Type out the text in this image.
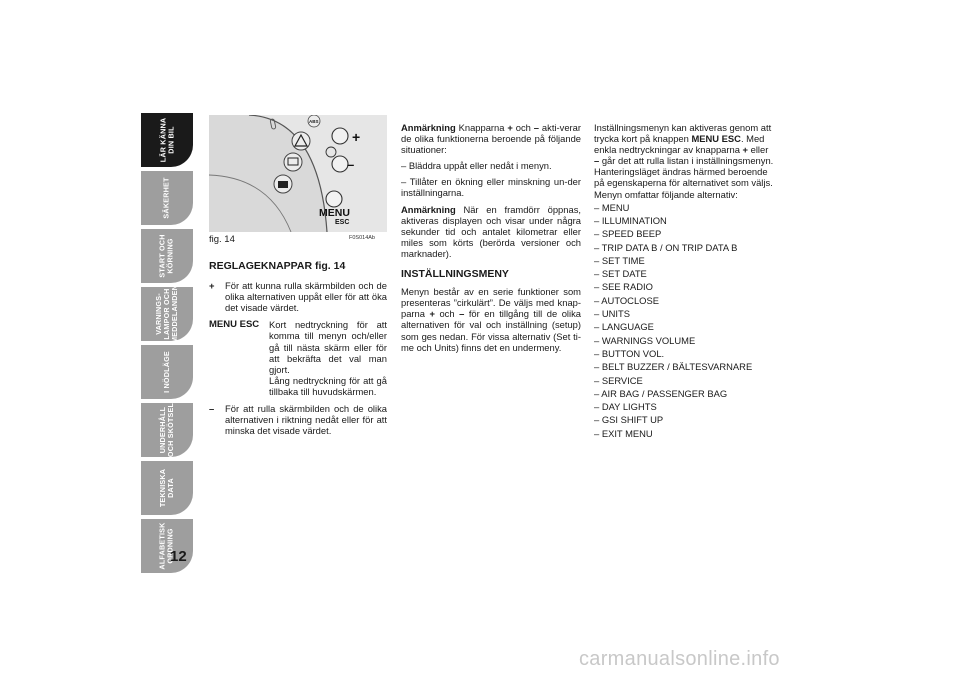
LÄR KÄNNA
DIN BIL
SÄKERHET
START OCH
KÖRNING
VARNINGS-
LAMPOR OCH
MEDDELANDEN
I NÖDLÄGE
UNDERHÅLL
OCH SKÖTSEL
TEKNISKA
DATA
ALFABETISK
ORDNING
12
ABS
+
–
MENU
ESC
fig. 14	F0S014Ab
REGLAGEKNAPPAR fig. 14
+	För att kunna rulla skärmbilden och de olika alternativen uppåt eller för att öka det visade värdet.
MENU ESC	Kort nedtryckning för att komma till menyn och/eller gå till nästa skärm eller för att bekräfta det val man gjort.
Lång nedtryckning för att gå tillbaka till huvudskärmen.
–	För att rulla skärmbilden och de olika alternativen i riktning nedåt eller för att minska det visade värdet.

Anmärkning Knapparna + och – akti-verar de olika funktionerna beroende på följande situationer:

– Bläddra uppåt eller nedåt i menyn.

– Tillåter en ökning eller minskning un-der inställningarna.

Anmärkning När en framdörr öppnas, aktiveras displayen och visar under några sekunder tid och antalet kilometrar eller miles som körts (berörda versioner och marknader).

INSTÄLLNINGSMENY

Menyn består av en serie funktioner som presenteras ”cirkulärt”. De väljs med knap-parna + och – för en tillgång till de olika alternativen för val och inställning (setup) som ges nedan. För vissa alternativ (Set ti-me och Units) finns det en undermeny.

Inställningsmenyn kan aktiveras genom att trycka kort på knappen MENU ESC. Med enkla nedtryckningar av knapparna + eller – går det att rulla listan i inställningsmenyn. Hanteringsläget ändras härmed beroende på egenskaperna för alternativet som väljs. Menyn omfattar följande alternativ:

– MENU
– ILLUMINATION
– SPEED BEEP
– TRIP DATA B / ON TRIP DATA B
– SET TIME
– SET DATE
– SEE RADIO
– AUTOCLOSE
– UNITS
– LANGUAGE
– WARNINGS VOLUME
– BUTTON VOL.
– BELT BUZZER / BÄLTESVARNARE
– SERVICE
– AIR BAG / PASSENGER BAG
– DAY LIGHTS
– GSI SHIFT UP
– EXIT MENU
carmanualsonline.info
